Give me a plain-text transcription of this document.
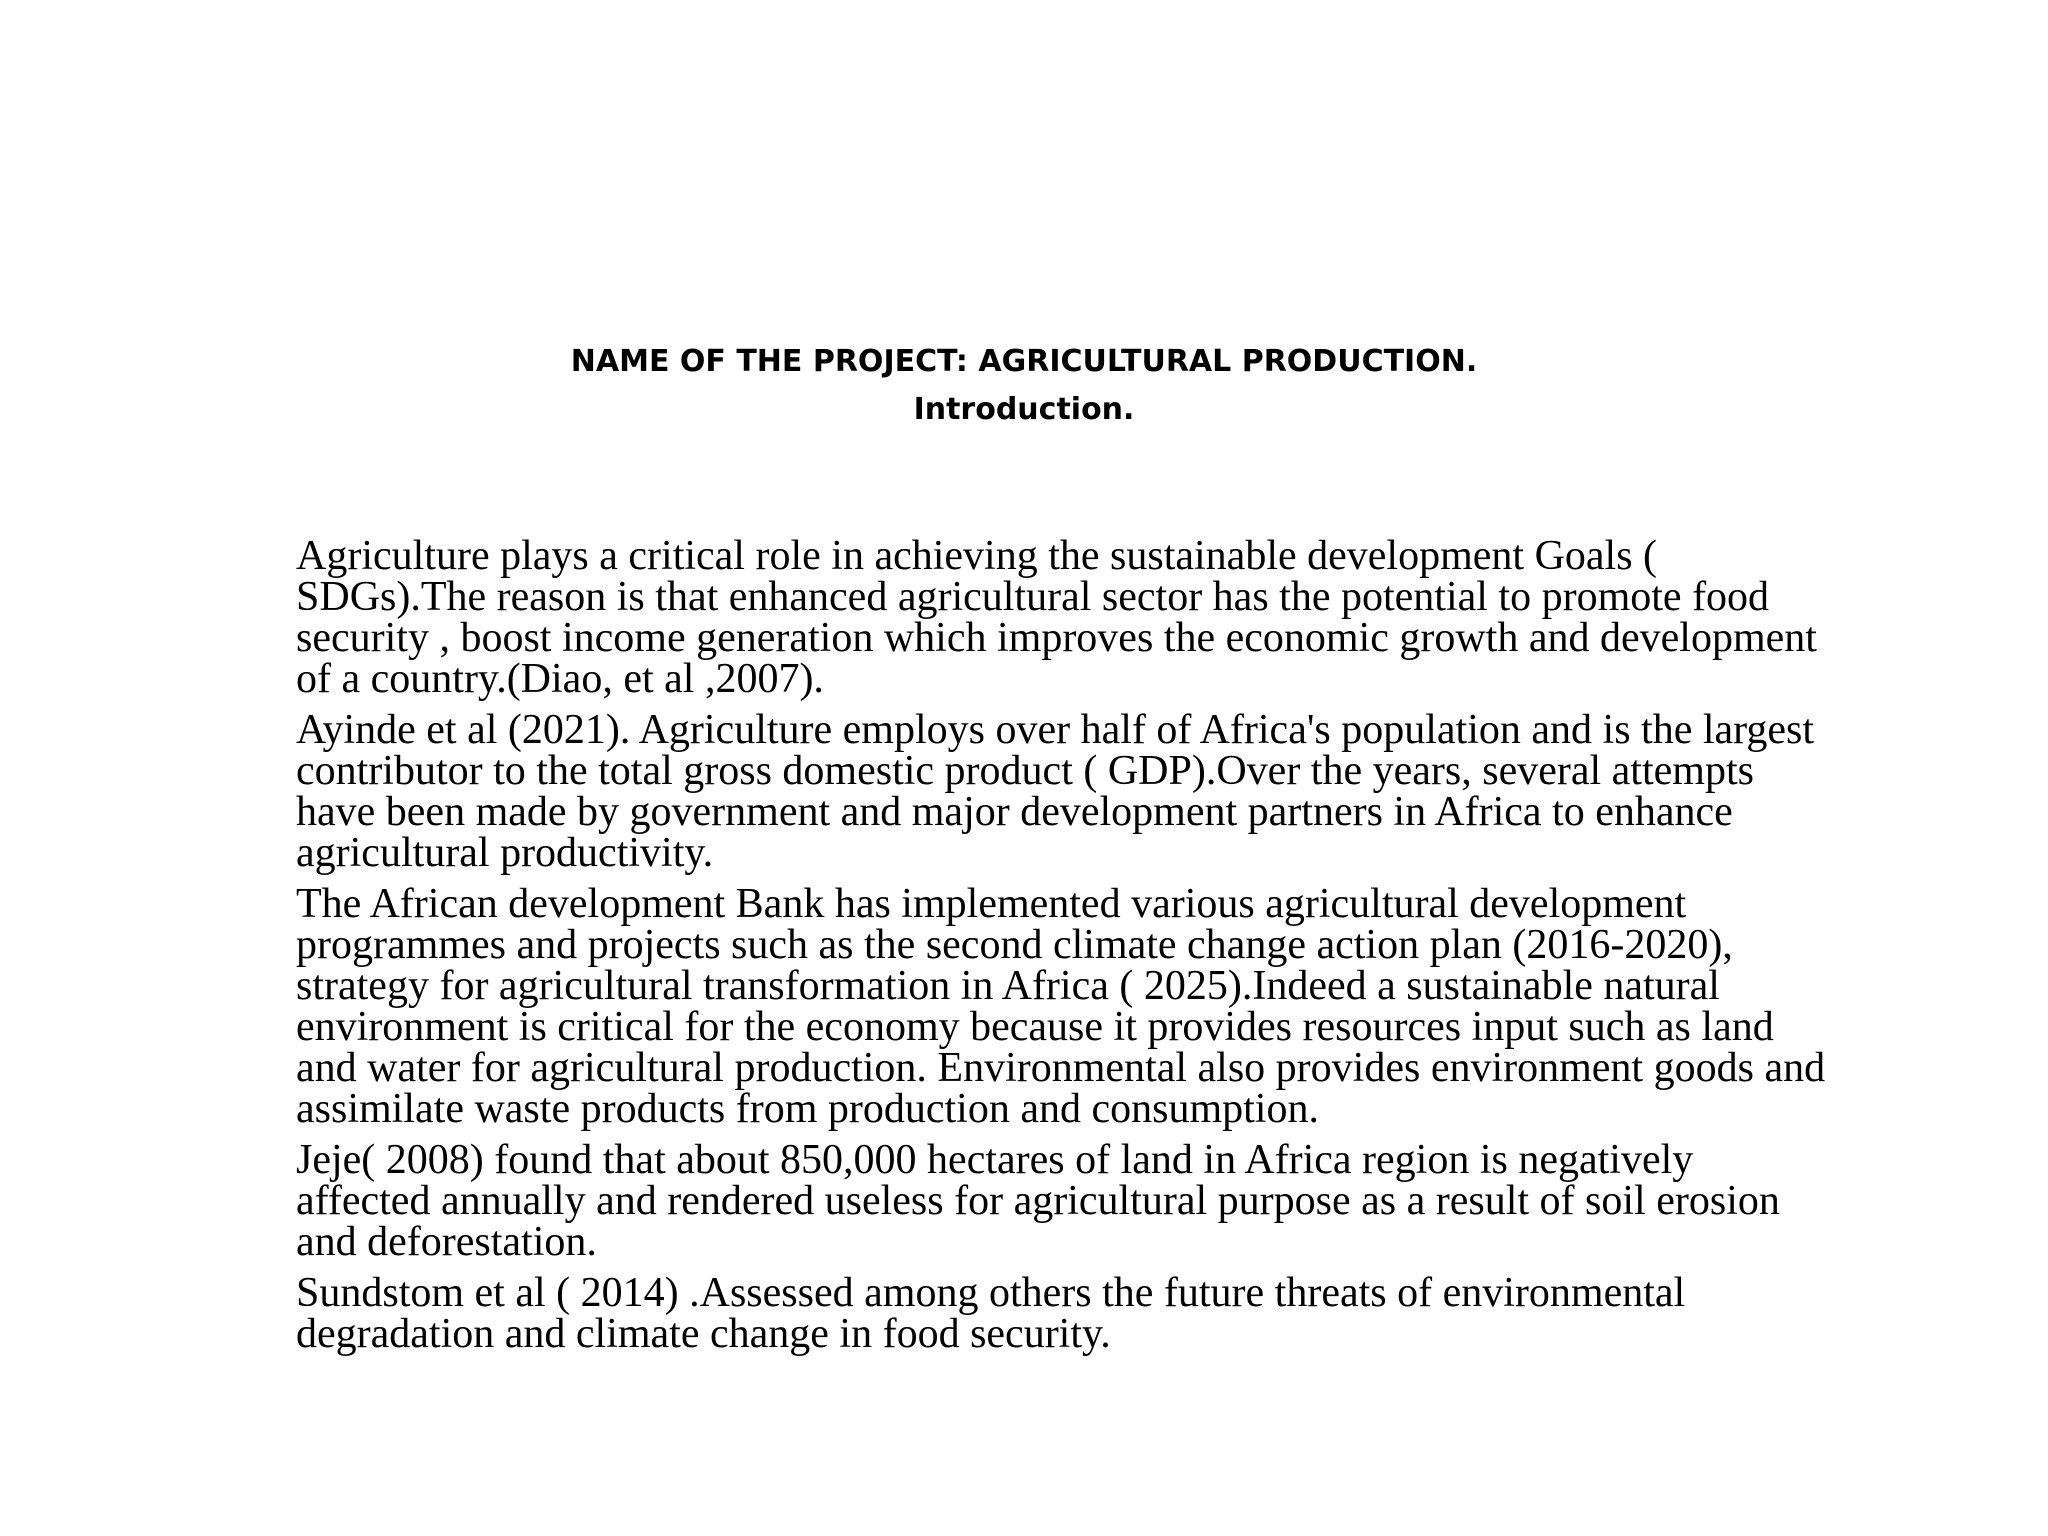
NAME OF THE PROJECT: AGRICULTURAL PRODUCTION.
Introduction.

Agriculture plays a critical role in achieving the sustainable development Goals ( SDGs).The reason is that enhanced agricultural sector has the potential to promote food security , boost income generation which improves the economic growth and development of a country.(Diao, et al ,2007).

Ayinde et al (2021). Agriculture employs over half of Africa's population and is the largest contributor to the total gross domestic product ( GDP).Over the years, several attempts have been made by government and major development partners in Africa to enhance agricultural productivity.

The African development Bank has implemented various agricultural development programmes and projects such as the second climate change action plan (2016-2020), strategy for agricultural transformation in Africa ( 2025).Indeed a sustainable natural environment is critical for the economy because it provides resources input such as land and water for agricultural production. Environmental also provides environment goods and assimilate waste products from production and consumption.

Jeje( 2008) found that about 850,000 hectares of land in Africa region is negatively affected annually and rendered useless for agricultural purpose as a result of soil erosion and deforestation.

Sundstom et al ( 2014) .Assessed among others the future threats of environmental degradation and climate change in food security.
